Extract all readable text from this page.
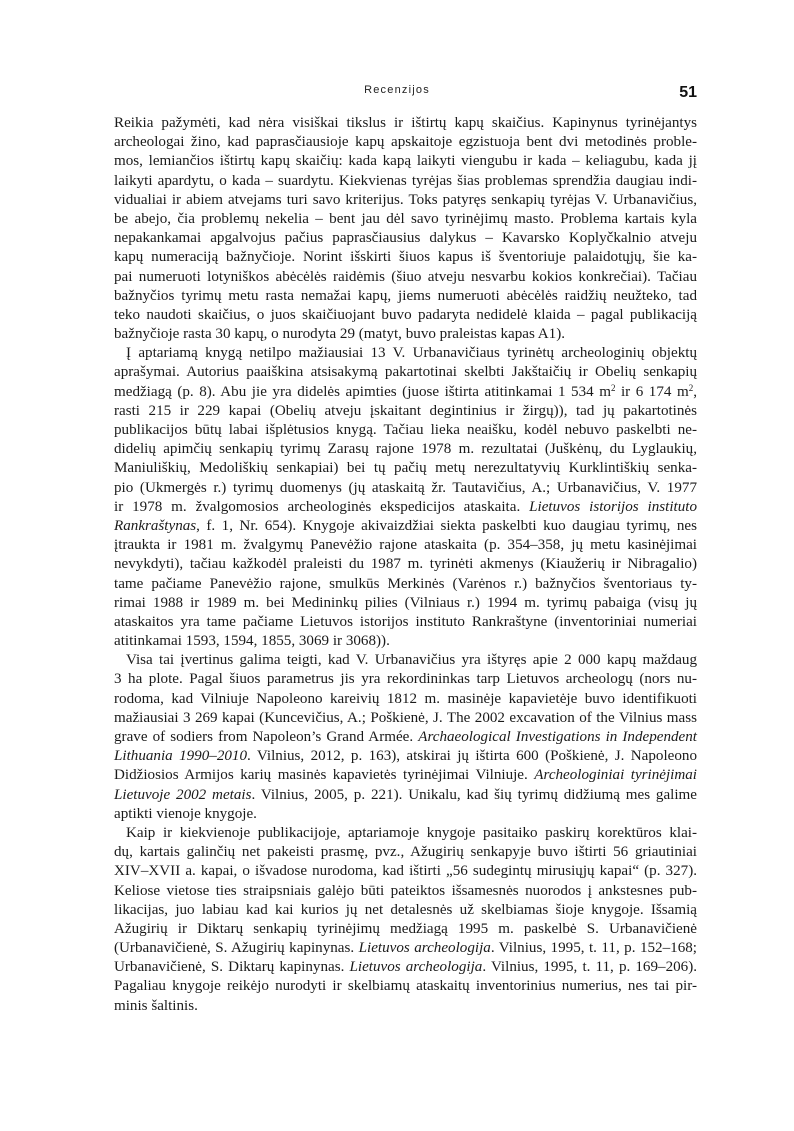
Recenzijos	51
Reikia pažymėti, kad nėra visiškai tikslus ir ištirtų kapų skaičius. Kapinynus tyrinėjantys
archeologai žino, kad paprasčiausioje kapų apskaitoje egzistuoja bent dvi metodinės proble-
mos, lemiančios ištirtų kapų skaičių: kada kapą laikyti viengubu ir kada – keliagubu, kada jį
laikyti apardytu, o kada – suardytu. Kiekvienas tyrėjas šias problemas sprendžia daugiau indi-
vidualiai ir abiem atvejams turi savo kriterijus. Toks patyręs senkapių tyrėjas V. Urbanavičius,
be abejo, čia problemų nekelia – bent jau dėl savo tyrinėjimų masto. Problema kartais kyla
nepakankamai apgalvojus pačius paprasčiausius dalykus – Kavarsko Koplyčkalnio atveju
kapų numeraciją bažnyčioje. Norint išskirti šiuos kapus iš šventoriuje palaidotųjų, šie ka-
pai numeruoti lotyniškos abėcėlės raidėmis (šiuo atveju nesvarbu kokios konkrečiai). Tačiau
bažnyčios tyrimų metu rasta nemažai kapų, jiems numeruoti abėcėlės raidžių neužteko, tad
teko naudoti skaičius, o juos skaičiuojant buvo padaryta nedidelė klaida – pagal publikaciją
bažnyčioje rasta 30 kapų, o nurodyta 29 (matyt, buvo praleistas kapas A1).
Į aptariamą knygą netilpo mažiausiai 13 V. Urbanavičiaus tyrinėtų archeologinių objektų
aprašymai. Autorius paaiškina atsisakymą pakartotinai skelbti Jakštaičių ir Obelių senkapių
medžiagą (p. 8). Abu jie yra didelės apimties (juose ištirta atitinkamai 1 534 $m^2$ ir 6 174 $m^2$,
rasti 215 ir 229 kapai (Obelių atveju įskaitant degintinius ir žirgų)), tad jų pakartotinės
publikacijos būtų labai išplėtusios knygą. Tačiau lieka neaišku, kodėl nebuvo paskelbti ne-
didelių apimčių senkapių tyrimų Zarasų rajone 1978 m. rezultatai (Juškėnų, du Lyglaukių,
Maniuliškių, Medoliškių senkapiai) bei tų pačių metų nerezultatyvių Kurklintiškių senka-
pio (Ukmergės r.) tyrimų duomenys (jų ataskaitą žr. Tautavičius, A.; Urbanavičius, V. 1977
ir 1978 m. žvalgomosios archeologinės ekspedicijos ataskaita. Lietuvos istorijos instituto
Rankraštynas, f. 1, Nr. 654). Knygoje akivaizdžiai siekta paskelbti kuo daugiau tyrimų, nes
įtraukta ir 1981 m. žvalgymų Panevėžio rajone ataskaita (p. 354–358, jų metu kasinėjimai
nevykdyti), tačiau kažkodėl praleisti du 1987 m. tyrinėti akmenys (Kiaužerių ir Nibragalio)
tame pačiame Panevėžio rajone, smulkūs Merkinės (Varėnos r.) bažnyčios šventoriaus ty-
rimai 1988 ir 1989 m. bei Medininkų pilies (Vilniaus r.) 1994 m. tyrimų pabaiga (visų jų
ataskaitos yra tame pačiame Lietuvos istorijos instituto Rankraštyne (inventoriniai numeriai
atitinkamai 1593, 1594, 1855, 3069 ir 3068)).
Visa tai įvertinus galima teigti, kad V. Urbanavičius yra ištyręs apie 2 000 kapų maždaug
3 ha plote. Pagal šiuos parametrus jis yra rekordininkas tarp Lietuvos archeologų (nors nu-
rodoma, kad Vilniuje Napoleono kareivių 1812 m. masinėje kapavietėje buvo identifikuoti
mažiausiai 3 269 kapai (Kuncevičius, A.; Poškienė, J. The 2002 excavation of the Vilnius mass
grave of sodiers from Napoleon’s Grand Armée. Archaeological Investigations in Independent
Lithuania 1990–2010. Vilnius, 2012, p. 163), atskirai jų ištirta 600 (Poškienė, J. Napoleono
Didžiosios Armijos karių masinės kapavietės tyrinėjimai Vilniuje. Archeologiniai tyrinėjimai
Lietuvoje 2002 metais. Vilnius, 2005, p. 221). Unikalu, kad šių tyrimų didžiumą mes galime
aptikti vienoje knygoje.
Kaip ir kiekvienoje publikacijoje, aptariamoje knygoje pasitaiko paskirų korektūros klai-
dų, kartais galinčių net pakeisti prasmę, pvz., Ažugirių senkapyje buvo ištirti 56 griautiniai
XIV–XVII a. kapai, o išvadose nurodoma, kad ištirti „56 sudegintų mirusiųjų kapai“ (p. 327).
Keliose vietose ties straipsniais galėjo būti pateiktos išsamesnės nuorodos į ankstesnes pub-
likacijas, juo labiau kad kai kurios jų net detalesnės už skelbiamas šioje knygoje. Išsamią
Ažugirių ir Diktarų senkapių tyrinėjimų medžiagą 1995 m. paskelbė S. Urbanavičienė
(Urbanavičienė, S. Ažugirių kapinynas. Lietuvos archeologija. Vilnius, 1995, t. 11, p. 152–168;
Urbanavičienė, S. Diktarų kapinynas. Lietuvos archeologija. Vilnius, 1995, t. 11, p. 169–206).
Pagaliau knygoje reikėjo nurodyti ir skelbiamų ataskaitų inventorinius numerius, nes tai pir-
minis šaltinis.
